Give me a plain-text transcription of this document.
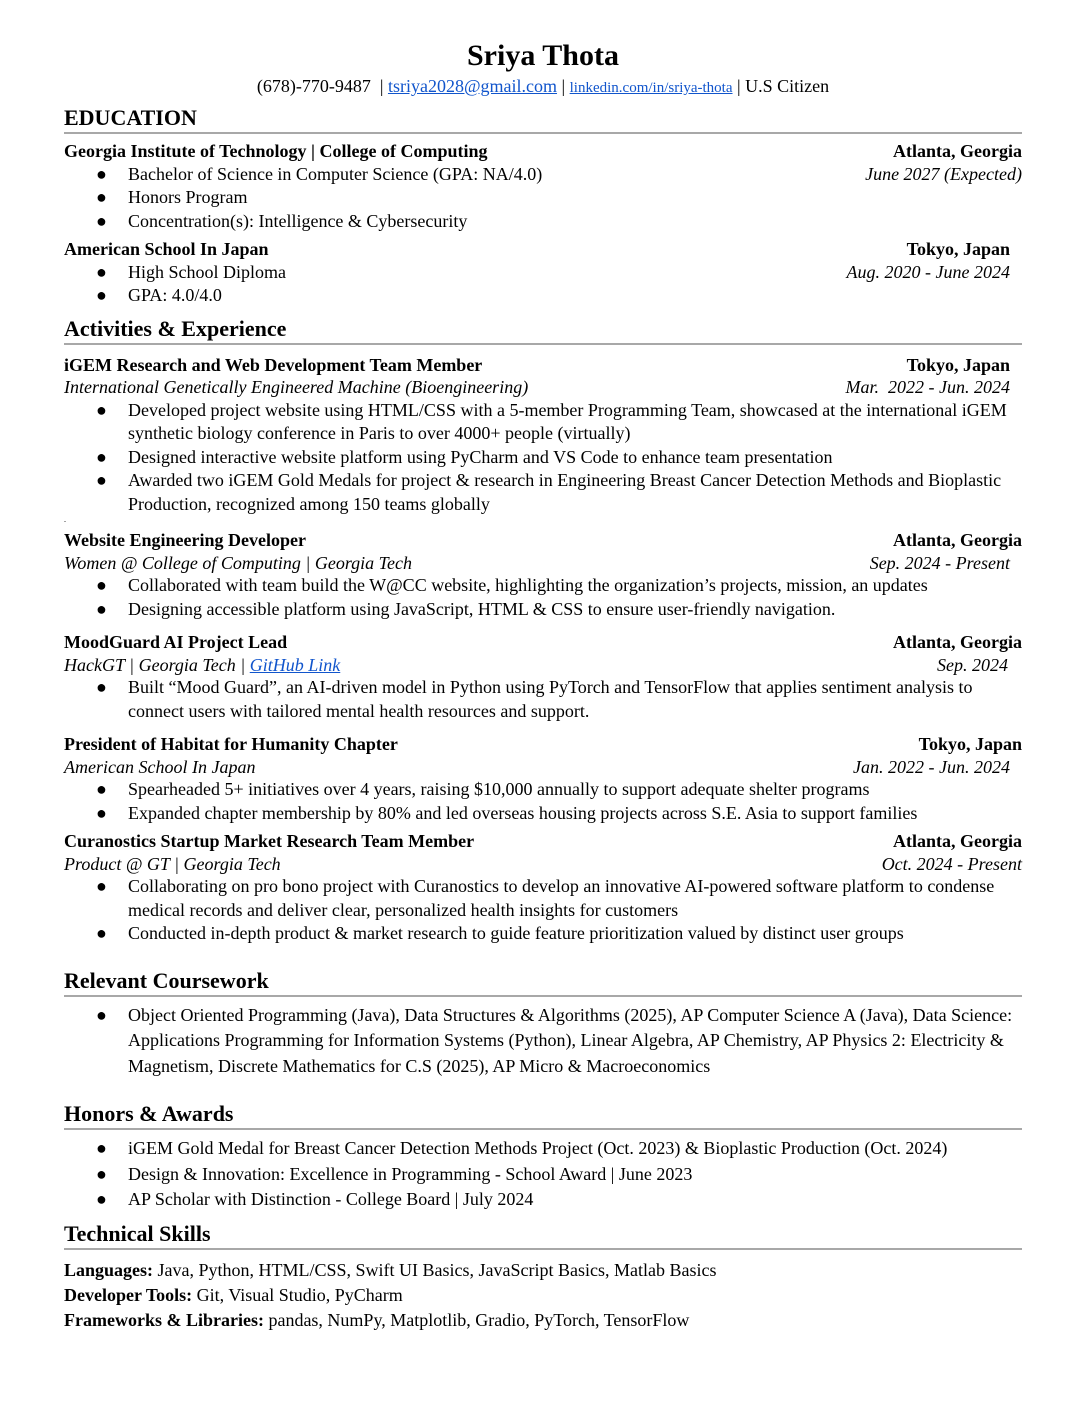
Sriya Thota
(678)-770-9487  | tsriya2028@gmail.com | linkedin.com/in/sriya-thota | U.S Citizen
EDUCATION
Georgia Institute of Technology | College of Computing	Atlanta, Georgia
● Bachelor of Science in Computer Science (GPA: NA/4.0)	June 2027 (Expected)
● Honors Program
● Concentration(s): Intelligence & Cybersecurity
American School In Japan	Tokyo, Japan
● High School Diploma	Aug. 2020 - June 2024
● GPA: 4.0/4.0
Activities & Experience
iGEM Research and Web Development Team Member	Tokyo, Japan
International Genetically Engineered Machine (Bioengineering)	Mar.  2022 - Jun. 2024
● Developed project website using HTML/CSS with a 5-member Programming Team, showcased at the international iGEM synthetic biology conference in Paris to over 4000+ people (virtually)
● Designed interactive website platform using PyCharm and VS Code to enhance team presentation
● Awarded two iGEM Gold Medals for project & research in Engineering Breast Cancer Detection Methods and Bioplastic Production, recognized among 150 teams globally
.
Website Engineering Developer	Atlanta, Georgia
Women @ College of Computing | Georgia Tech	Sep. 2024 - Present
● Collaborated with team build the W@CC website, highlighting the organization’s projects, mission, an updates
● Designing accessible platform using JavaScript, HTML & CSS to ensure user-friendly navigation.
MoodGuard AI Project Lead	Atlanta, Georgia
HackGT | Georgia Tech | GitHub Link	Sep. 2024
● Built “Mood Guard”, an AI-driven model in Python using PyTorch and TensorFlow that applies sentiment analysis to connect users with tailored mental health resources and support.
President of Habitat for Humanity Chapter	Tokyo, Japan
American School In Japan	Jan. 2022 - Jun. 2024
● Spearheaded 5+ initiatives over 4 years, raising $10,000 annually to support adequate shelter programs
● Expanded chapter membership by 80% and led overseas housing projects across S.E. Asia to support families
Curanostics Startup Market Research Team Member	Atlanta, Georgia
Product @ GT | Georgia Tech	Oct. 2024 - Present
● Collaborating on pro bono project with Curanostics to develop an innovative AI-powered software platform to condense medical records and deliver clear, personalized health insights for customers
● Conducted in-depth product & market research to guide feature prioritization valued by distinct user groups
Relevant Coursework
● Object Oriented Programming (Java), Data Structures & Algorithms (2025), AP Computer Science A (Java), Data Science: Applications Programming for Information Systems (Python), Linear Algebra, AP Chemistry, AP Physics 2: Electricity & Magnetism, Discrete Mathematics for C.S (2025), AP Micro & Macroeconomics
Honors & Awards
● iGEM Gold Medal for Breast Cancer Detection Methods Project (Oct. 2023) & Bioplastic Production (Oct. 2024)
● Design & Innovation: Excellence in Programming - School Award | June 2023
● AP Scholar with Distinction - College Board | July 2024
Technical Skills
Languages: Java, Python, HTML/CSS, Swift UI Basics, JavaScript Basics, Matlab Basics
Developer Tools: Git, Visual Studio, PyCharm
Frameworks & Libraries: pandas, NumPy, Matplotlib, Gradio, PyTorch, TensorFlow
